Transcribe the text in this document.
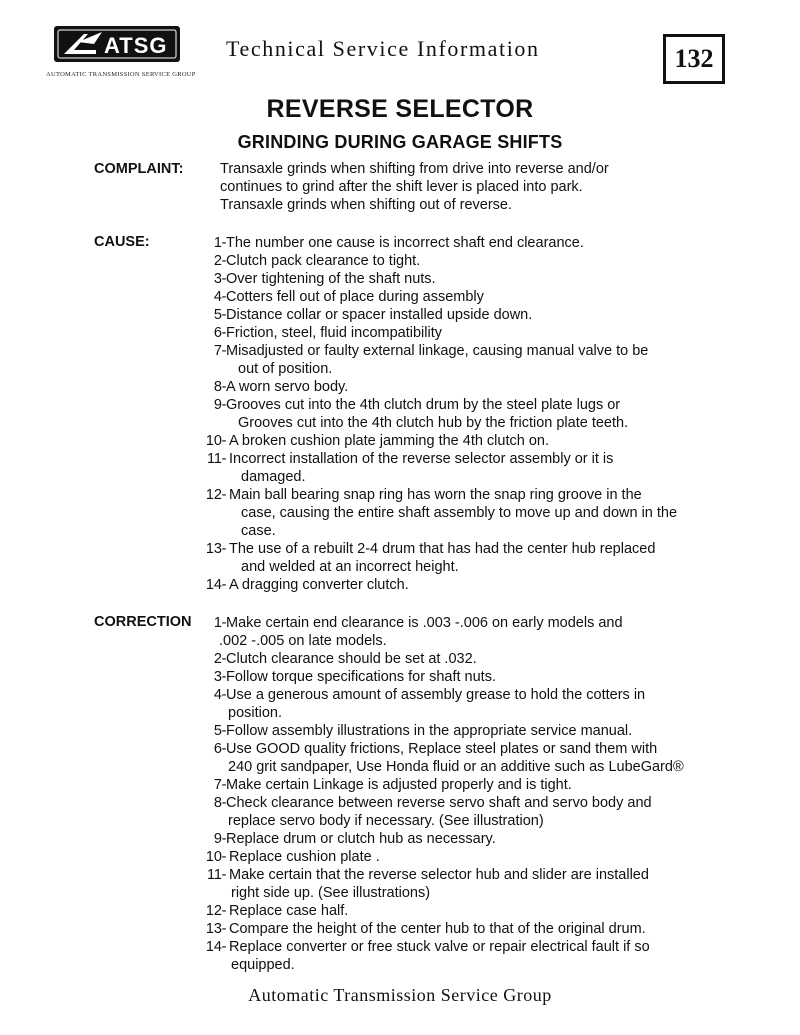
ATSG
AUTOMATIC TRANSMISSION SERVICE GROUP
Technical Service Information	132
REVERSE SELECTOR
GRINDING DURING GARAGE SHIFTS
COMPLAINT:	Transaxle grinds when shifting from drive into reverse and/or
continues to grind after the shift lever is placed into park.
Transaxle grinds when shifting out of reverse.
CAUSE:	1 - The number one cause is incorrect shaft end clearance.
2 - Clutch pack clearance to tight.
3 - Over tightening of the shaft nuts.
4 - Cotters fell out of place during assembly
5 - Distance collar or spacer installed upside down.
6 - Friction, steel, fluid incompatibility
7 - Misadjusted or faulty external linkage, causing manual valve to be
out of position.
8 - A worn servo body.
9 - Grooves cut into the 4th clutch drum by the steel plate lugs or
Grooves cut into the 4th clutch hub by the friction plate teeth.
10 - A broken cushion plate jamming the 4th clutch on.
11 - Incorrect installation of the reverse selector assembly or it is
damaged.
12 - Main ball bearing snap ring has worn the snap ring groove in the
case, causing the entire shaft assembly to move up and down in the
case.
13 - The use of a rebuilt 2-4 drum that has had the center hub replaced
and welded at an incorrect height.
14 - A dragging converter clutch.
CORRECTION	1 - Make certain end clearance is .003 -.006 on early models and
.002 -.005 on late models.
2 - Clutch clearance should be set at .032.
3 - Follow torque specifications for shaft nuts.
4 - Use a generous amount of assembly grease to hold the cotters in
position.
5 - Follow assembly illustrations in the appropriate service manual.
6 - Use GOOD quality frictions, Replace steel plates or sand them with
240 grit sandpaper, Use Honda fluid or an additive such as LubeGard®
7 - Make certain Linkage is adjusted properly and is tight.
8 - Check clearance between reverse servo shaft and servo body and
replace servo body if necessary. (See illustration)
9 - Replace drum or clutch hub as necessary.
10 - Replace cushion plate .
11 - Make certain that the reverse selector hub and slider are installed
right side up. (See illustrations)
12 - Replace case half.
13 - Compare the height of the center hub to that of the original drum.
14 - Replace converter or free stuck valve or repair electrical fault if so
equipped.
Automatic Transmission Service Group
